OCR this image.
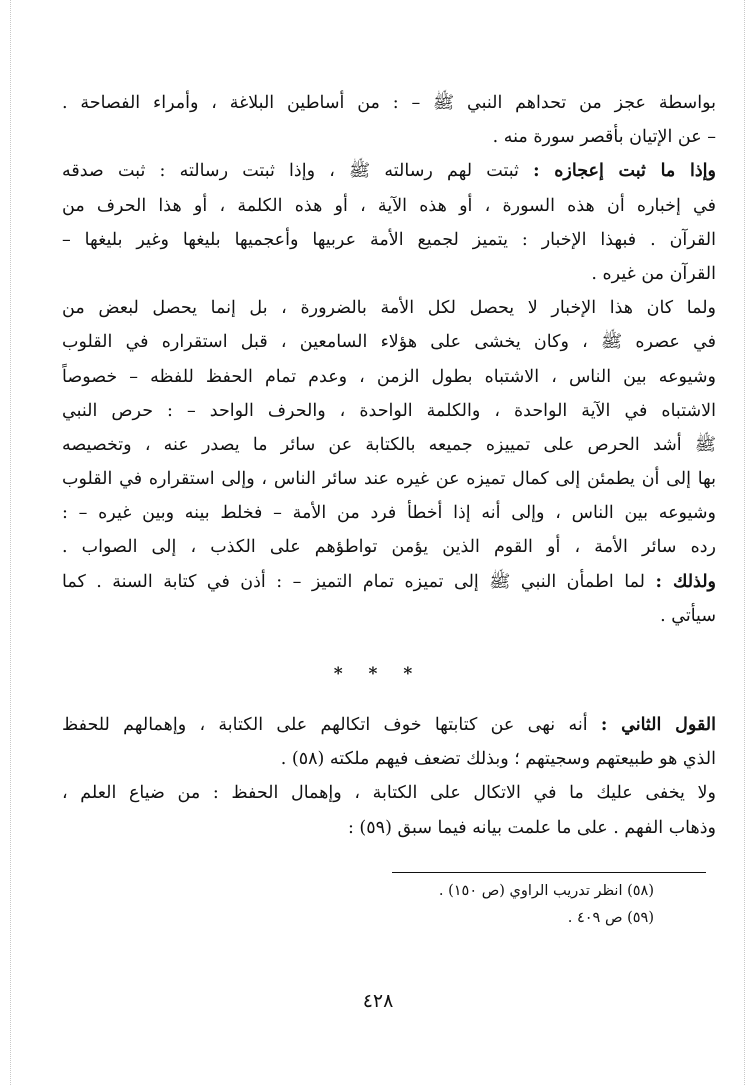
بواسطة عجز من تحداهم النبي ﷺ – : من أساطين البلاغة ، وأمراء الفصاحة .
– عن الإتيان بأقصر سورة منه .
وإذا ما ثبت إعجازه : ثبتت لهم رسالته ﷺ ، وإذا ثبتت رسالته : ثبت صدقه
في إخباره أن هذه السورة ، أو هذه الآية ، أو هذه الكلمة ، أو هذا الحرف من
القرآن . فبهذا الإخبار : يتميز لجميع الأمة عربيها وأعجميها بليغها وغير بليغها –
القرآن من غيره .
ولما كان هذا الإخبار لا يحصل لكل الأمة بالضرورة ، بل إنما يحصل لبعض من
في عصره ﷺ ، وكان يخشى على هؤلاء السامعين ، قبل استقراره في القلوب
وشيوعه بين الناس ، الاشتباه بطول الزمن ، وعدم تمام الحفظ للفظه – خصوصاً
الاشتباه في الآية الواحدة ، والكلمة الواحدة ، والحرف الواحد – : حرص النبي
ﷺ أشد الحرص على تمييزه جميعه بالكتابة عن سائر ما يصدر عنه ، وتخصيصه
بها إلى أن يطمئن إلى كمال تميزه عن غيره عند سائر الناس ، وإلى استقراره في القلوب
وشيوعه بين الناس ، وإلى أنه إذا أخطأ فرد من الأمة – فخلط بينه وبين غيره – :
رده سائر الأمة ، أو القوم الذين يؤمن تواطؤهم على الكذب ، إلى الصواب .
ولذلك : لما اطمأن النبي ﷺ إلى تميزه تمام التميز – : أذن في كتابة السنة . كما
سيأتي .
* * *
القول الثاني : أنه نهى عن كتابتها خوف اتكالهم على الكتابة ، وإهمالهم للحفظ
الذي هو طبيعتهم وسجيتهم ؛ وبذلك تضعف فيهم ملكته (٥٨) .
ولا يخفى عليك ما في الاتكال على الكتابة ، وإهمال الحفظ : من ضياع العلم ،
وذهاب الفهم . على ما علمت بيانه فيما سبق (٥٩) :
(٥٨) انظر تدريب الراوي (ص ١٥٠) .
(٥٩) ص ٤٠٩ .
٤٢٨
